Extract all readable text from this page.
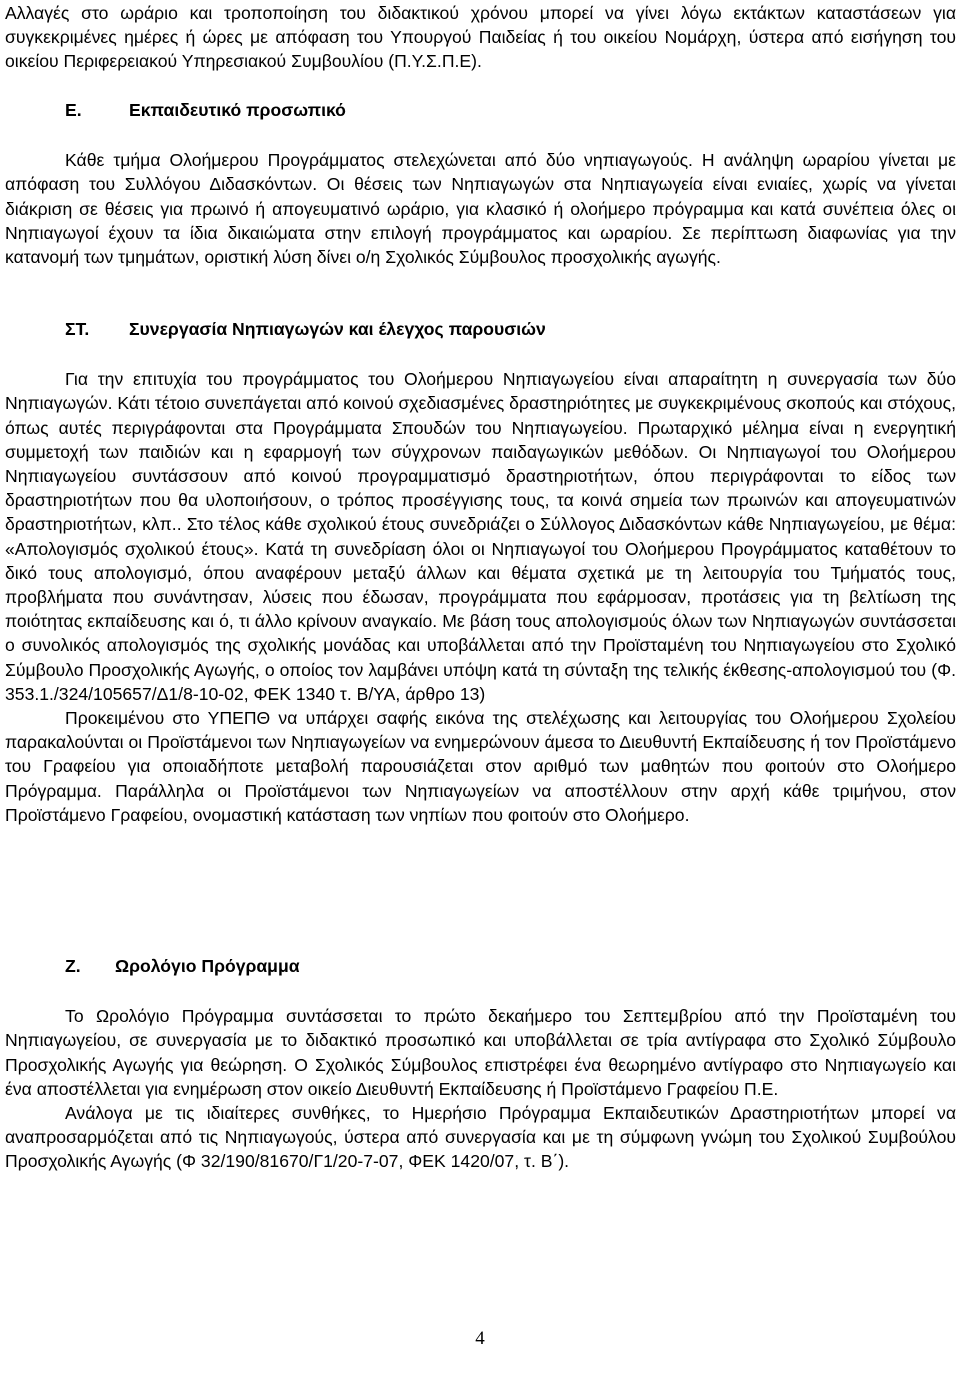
Αλλαγές στο ωράριο και τροποποίηση του διδακτικού χρόνου μπορεί να γίνει λόγω εκτάκτων καταστάσεων για συγκεκριμένες ημέρες ή ώρες με απόφαση του Υπουργού Παιδείας ή του οικείου Νομάρχη, ύστερα από εισήγηση του οικείου Περιφερειακού Υπηρεσιακού Συμβουλίου (Π.Υ.Σ.Π.Ε).

Ε.	Εκπαιδευτικό προσωπικό

Κάθε τμήμα Ολοήμερου Προγράμματος στελεχώνεται από δύο νηπιαγωγούς. Η ανάληψη ωραρίου γίνεται με απόφαση του Συλλόγου Διδασκόντων. Οι θέσεις των Νηπιαγωγών στα Νηπιαγωγεία είναι ενιαίες, χωρίς να γίνεται διάκριση σε θέσεις για πρωινό ή απογευματινό ωράριο, για κλασικό ή ολοήμερο πρόγραμμα και κατά συνέπεια όλες οι Νηπιαγωγοί έχουν τα ίδια δικαιώματα στην επιλογή προγράμματος και ωραρίου. Σε περίπτωση διαφωνίας για την κατανομή των τμημάτων, οριστική λύση δίνει ο/η Σχολικός Σύμβουλος προσχολικής αγωγής.

ΣΤ.	Συνεργασία Νηπιαγωγών και έλεγχος παρουσιών

Για την επιτυχία του προγράμματος του Ολοήμερου Νηπιαγωγείου είναι απαραίτητη η συνεργασία των δύο Νηπιαγωγών. Κάτι τέτοιο συνεπάγεται από κοινού σχεδιασμένες δραστηριότητες με συγκεκριμένους σκοπούς και στόχους, όπως αυτές περιγράφονται στα Προγράμματα Σπουδών του Νηπιαγωγείου. Πρωταρχικό μέλημα είναι η ενεργητική συμμετοχή των παιδιών και η εφαρμογή των σύγχρονων παιδαγωγικών μεθόδων. Οι Νηπιαγωγοί του Ολοήμερου Νηπιαγωγείου συντάσσουν από κοινού προγραμματισμό δραστηριοτήτων, όπου περιγράφονται το είδος των δραστηριοτήτων που θα υλοποιήσουν, ο τρόπος προσέγγισης τους, τα κοινά σημεία των πρωινών και απογευματινών δραστηριοτήτων, κλπ.. Στο τέλος κάθε σχολικού έτους συνεδριάζει ο Σύλλογος Διδασκόντων κάθε Νηπιαγωγείου, με θέμα: «Απολογισμός σχολικού έτους». Κατά τη συνεδρίαση όλοι οι Νηπιαγωγοί του Ολοήμερου Προγράμματος καταθέτουν το δικό τους απολογισμό, όπου αναφέρουν μεταξύ άλλων και θέματα σχετικά με τη λειτουργία του Τμήματός τους, προβλήματα που συνάντησαν, λύσεις που έδωσαν, προγράμματα που εφάρμοσαν, προτάσεις για τη βελτίωση της ποιότητας εκπαίδευσης και ό, τι άλλο κρίνουν αναγκαίο. Με βάση τους απολογισμούς όλων των Νηπιαγωγών συντάσσεται ο συνολικός απολογισμός της σχολικής μονάδας και υποβάλλεται από την Προϊσταμένη του Νηπιαγωγείου στο Σχολικό Σύμβουλο Προσχολικής Αγωγής, ο οποίος τον λαμβάνει υπόψη κατά τη σύνταξη της τελικής έκθεσης-απολογισμού του (Φ. 353.1./324/105657/Δ1/8-10-02, ΦΕΚ 1340 τ. Β/ΥΑ, άρθρο 13)

Προκειμένου στο ΥΠΕΠΘ να υπάρχει σαφής εικόνα της στελέχωσης και λειτουργίας του Ολοήμερου Σχολείου παρακαλούνται οι Προϊστάμενοι των Νηπιαγωγείων να ενημερώνουν άμεσα το Διευθυντή Εκπαίδευσης ή τον Προϊστάμενο του Γραφείου για οποιαδήποτε μεταβολή παρουσιάζεται στον αριθμό των μαθητών που φοιτούν στο Ολοήμερο Πρόγραμμα. Παράλληλα οι Προϊστάμενοι των Νηπιαγωγείων να αποστέλλουν στην αρχή κάθε τριμήνου, στον Προϊστάμενο Γραφείου, ονομαστική κατάσταση των νηπίων που φοιτούν στο Ολοήμερο.

Ζ.	Ωρολόγιο Πρόγραμμα

Το Ωρολόγιο Πρόγραμμα συντάσσεται το πρώτο δεκαήμερο του Σεπτεμβρίου από την Προϊσταμένη του Νηπιαγωγείου, σε συνεργασία με το διδακτικό προσωπικό και υποβάλλεται σε τρία αντίγραφα στο Σχολικό Σύμβουλο Προσχολικής Αγωγής για θεώρηση. Ο Σχολικός Σύμβουλος επιστρέφει ένα θεωρημένο αντίγραφο στο Νηπιαγωγείο και ένα αποστέλλεται για ενημέρωση στον οικείο Διευθυντή Εκπαίδευσης ή Προϊστάμενο Γραφείου Π.Ε.

Ανάλογα με τις ιδιαίτερες συνθήκες, το Ημερήσιο Πρόγραμμα Εκπαιδευτικών Δραστηριοτήτων μπορεί να αναπροσαρμόζεται από τις Νηπιαγωγούς, ύστερα από συνεργασία και με τη σύμφωνη γνώμη του Σχολικού Συμβούλου Προσχολικής Αγωγής (Φ 32/190/81670/Γ1/20-7-07, ΦΕΚ 1420/07, τ. Β΄).

4
